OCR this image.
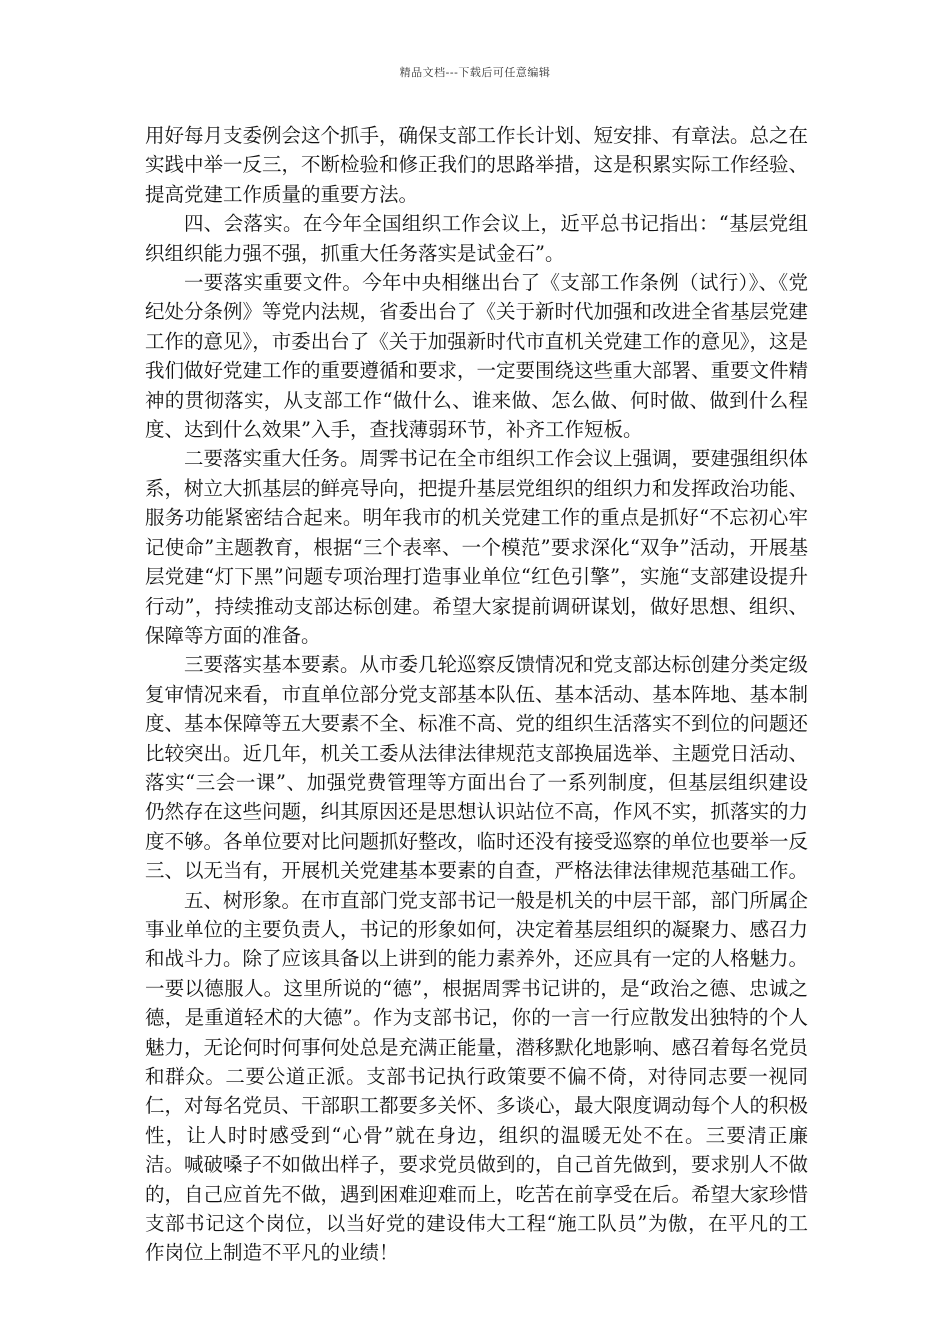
精品文档---下载后可任意编辑

用好每月支委例会这个抓手，确保支部工作长计划、短安排、有章法。总之在实践中举一反三，不断检验和修正我们的思路举措，这是积累实际工作经验、提高党建工作质量的重要方法。

四、会落实。在今年全国组织工作会议上，近平总书记指出：“基层党组织组织能力强不强，抓重大任务落实是试金石”。

一要落实重要文件。今年中央相继出台了《支部工作条例（试行）》、《党纪处分条例》等党内法规，省委出台了《关于新时代加强和改进全省基层党建工作的意见》，市委出台了《关于加强新时代市直机关党建工作的意见》，这是我们做好党建工作的重要遵循和要求，一定要围绕这些重大部署、重要文件精神的贯彻落实，从支部工作“做什么、谁来做、怎么做、何时做、做到什么程度、达到什么效果”入手，查找薄弱环节，补齐工作短板。

二要落实重大任务。周霁书记在全市组织工作会议上强调，要建强组织体系，树立大抓基层的鲜亮导向，把提升基层党组织的组织力和发挥政治功能、服务功能紧密结合起来。明年我市的机关党建工作的重点是抓好“不忘初心牢记使命”主题教育，根据“三个表率、一个模范”要求深化“双争”活动，开展基层党建“灯下黑”问题专项治理打造事业单位“红色引擎”，实施“支部建设提升行动”，持续推动支部达标创建。希望大家提前调研谋划，做好思想、组织、保障等方面的准备。

三要落实基本要素。从市委几轮巡察反馈情况和党支部达标创建分类定级复审情况来看，市直单位部分党支部基本队伍、基本活动、基本阵地、基本制度、基本保障等五大要素不全、标准不高、党的组织生活落实不到位的问题还比较突出。近几年，机关工委从法律法律规范支部换届选举、主题党日活动、落实“三会一课”、加强党费管理等方面出台了一系列制度，但基层组织建设仍然存在这些问题，纠其原因还是思想认识站位不高，作风不实，抓落实的力度不够。各单位要对比问题抓好整改，临时还没有接受巡察的单位也要举一反三、以无当有，开展机关党建基本要素的自查，严格法律法律规范基础工作。

五、树形象。在市直部门党支部书记一般是机关的中层干部，部门所属企事业单位的主要负责人，书记的形象如何，决定着基层组织的凝聚力、感召力和战斗力。除了应该具备以上讲到的能力素养外，还应具有一定的人格魅力。一要以德服人。这里所说的“德”，根据周霁书记讲的，是“政治之德、忠诚之德，是重道轻术的大德”。作为支部书记，你的一言一行应散发出独特的个人魅力，无论何时何事何处总是充满正能量，潜移默化地影响、感召着每名党员和群众。二要公道正派。支部书记执行政策要不偏不倚，对待同志要一视同仁，对每名党员、干部职工都要多关怀、多谈心，最大限度调动每个人的积极性，让人时时感受到“心骨”就在身边，组织的温暖无处不在。三要清正廉洁。喊破嗓子不如做出样子，要求党员做到的，自己首先做到，要求别人不做的，自己应首先不做，遇到困难迎难而上，吃苦在前享受在后。希望大家珍惜支部书记这个岗位，以当好党的建设伟大工程“施工队员”为傲，在平凡的工作岗位上制造不平凡的业绩！
